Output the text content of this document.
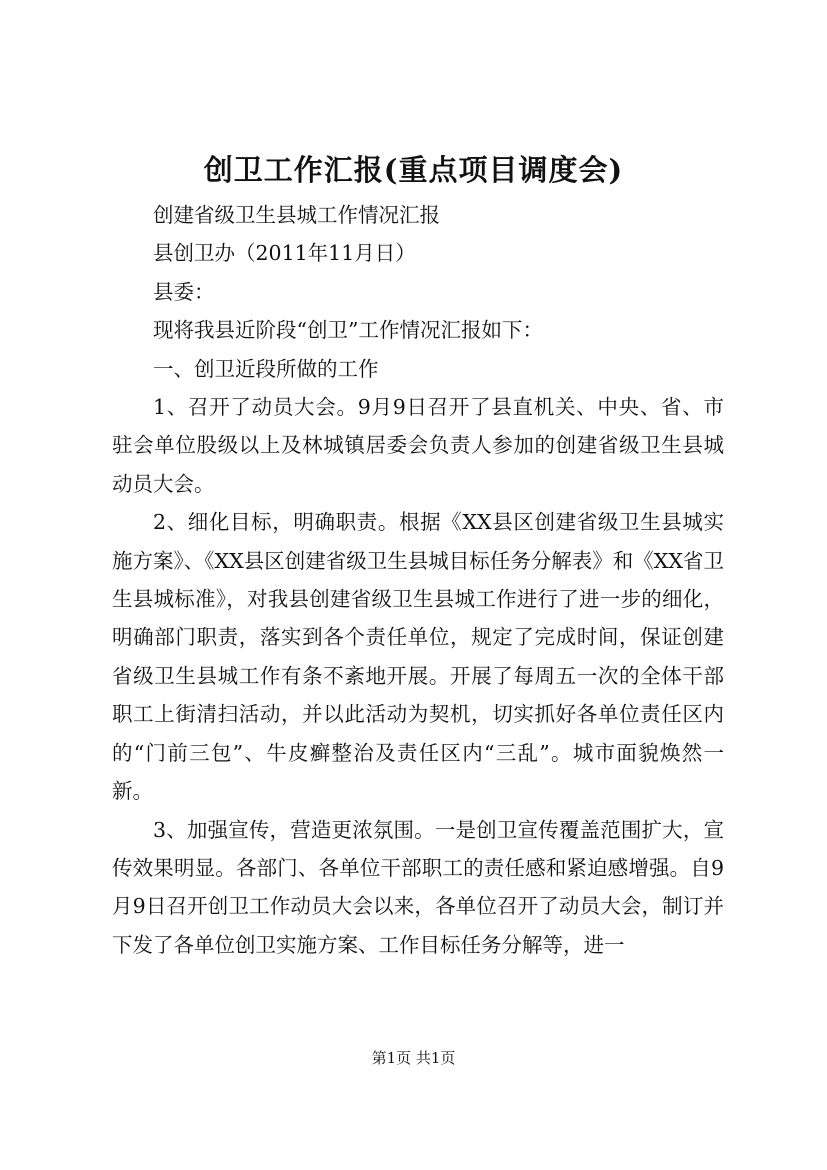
创卫工作汇报(重点项目调度会)

创建省级卫生县城工作情况汇报

县创卫办（2011年11月日）

县委：

现将我县近阶段“创卫”工作情况汇报如下：

一、创卫近段所做的工作

1、召开了动员大会。9月9日召开了县直机关、中央、省、市驻会单位股级以上及林城镇居委会负责人参加的创建省级卫生县城动员大会。

2、细化目标，明确职责。根据《XX县区创建省级卫生县城实施方案》、《XX县区创建省级卫生县城目标任务分解表》和《XX省卫生县城标准》，对我县创建省级卫生县城工作进行了进一步的细化，明确部门职责，落实到各个责任单位，规定了完成时间，保证创建省级卫生县城工作有条不紊地开展。开展了每周五一次的全体干部职工上街清扫活动，并以此活动为契机，切实抓好各单位责任区内的“门前三包”、牛皮癣整治及责任区内“三乱”。城市面貌焕然一新。

3、加强宣传，营造更浓氛围。一是创卫宣传覆盖范围扩大，宣传效果明显。各部门、各单位干部职工的责任感和紧迫感增强。自9月9日召开创卫工作动员大会以来，各单位召开了动员大会，制订并下发了各单位创卫实施方案、工作目标任务分解等，进一

第1页 共1页
